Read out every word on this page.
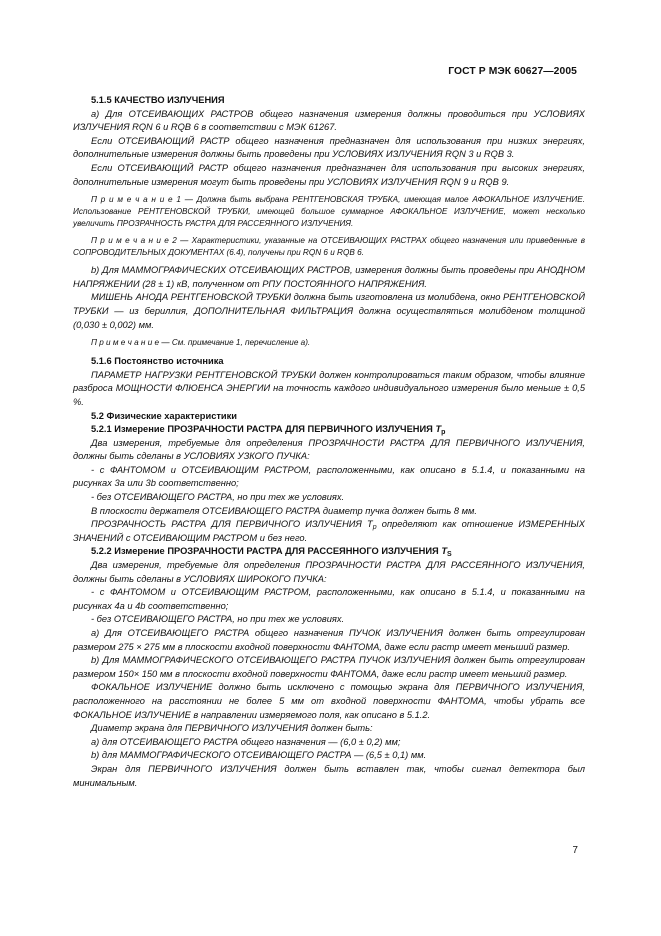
ГОСТ Р МЭК 60627—2005

5.1.5 КАЧЕСТВО ИЗЛУЧЕНИЯ

a) Для ОТСЕИВАЮЩИХ РАСТРОВ общего назначения измерения должны проводиться при УСЛОВИЯХ ИЗЛУЧЕНИЯ RQN 6 и RQB 6 в соответствии с МЭК 61267.

Если ОТСЕИВАЮЩИЙ РАСТР общего назначения предназначен для использования при низких энергиях, дополнительные измерения должны быть проведены при УСЛОВИЯХ ИЗЛУЧЕНИЯ RQN 3 и RQB 3.

Если ОТСЕИВАЮЩИЙ РАСТР общего назначения предназначен для использования при высоких энергиях, дополнительные измерения могут быть проведены при УСЛОВИЯХ ИЗЛУЧЕНИЯ RQN 9 и RQB 9.

П р и м е ч а н и е 1 — Должна быть выбрана РЕНТГЕНОВСКАЯ ТРУБКА, имеющая малое АФОКАЛЬНОЕ ИЗЛУЧЕНИЕ. Использование РЕНТГЕНОВСКОЙ ТРУБКИ, имеющей большое суммарное АФОКАЛЬНОЕ ИЗЛУЧЕНИЕ, может несколько увеличить ПРОЗРАЧНОСТЬ РАСТРА ДЛЯ РАССЕЯННОГО ИЗЛУЧЕНИЯ.

П р и м е ч а н и е 2 — Характеристики, указанные на ОТСЕИВАЮЩИХ РАСТРАХ общего назначения или приведенные в СОПРОВОДИТЕЛЬНЫХ ДОКУМЕНТАХ (6.4), получены при RQN 6 и RQB 6.

b) Для МАММОГРАФИЧЕСКИХ ОТСЕИВАЮЩИХ РАСТРОВ, измерения должны быть проведены при АНОДНОМ НАПРЯЖЕНИИ (28 ± 1) кВ, полученном от РПУ ПОСТОЯННОГО НАПРЯЖЕНИЯ.

МИШЕНЬ АНОДА РЕНТГЕНОВСКОЙ ТРУБКИ должна быть изготовлена из молибдена, окно РЕНТГЕНОВСКОЙ ТРУБКИ — из бериллия, ДОПОЛНИТЕЛЬНАЯ ФИЛЬТРАЦИЯ должна осуществляться молибденом толщиной (0,030 ± 0,002) мм.

П р и м е ч а н и е — См. примечание 1, перечисление а).

5.1.6 Постоянство источника

ПАРАМЕТР НАГРУЗКИ РЕНТГЕНОВСКОЙ ТРУБКИ должен контролироваться таким образом, чтобы влияние разброса МОЩНОСТИ ФЛЮЕНСА ЭНЕРГИИ на точность каждого индивидуального измерения было меньше ± 0,5 %.

5.2 Физические характеристики

5.2.1 Измерение ПРОЗРАЧНОСТИ РАСТРА ДЛЯ ПЕРВИЧНОГО ИЗЛУЧЕНИЯ $T_p$

Два измерения, требуемые для определения ПРОЗРАЧНОСТИ РАСТРА ДЛЯ ПЕРВИЧНОГО ИЗЛУЧЕНИЯ, должны быть сделаны в УСЛОВИЯХ УЗКОГО ПУЧКА:

- с ФАНТОМОМ и ОТСЕИВАЮЩИМ РАСТРОМ, расположенными, как описано в 5.1.4, и показанными на рисунках 3a или 3b соответственно;

- без ОТСЕИВАЮЩЕГО РАСТРА, но при тех же условиях.

В плоскости держателя ОТСЕИВАЮЩЕГО РАСТРА диаметр пучка должен быть 8 мм.

ПРОЗРАЧНОСТЬ РАСТРА ДЛЯ ПЕРВИЧНОГО ИЗЛУЧЕНИЯ $T_p$ определяют как отношение ИЗМЕРЕННЫХ ЗНАЧЕНИЙ с ОТСЕИВАЮЩИМ РАСТРОМ и без него.

5.2.2 Измерение ПРОЗРАЧНОСТИ РАСТРА ДЛЯ РАССЕЯННОГО ИЗЛУЧЕНИЯ $T_S$

Два измерения, требуемые для определения ПРОЗРАЧНОСТИ РАСТРА ДЛЯ РАССЕЯННОГО ИЗЛУЧЕНИЯ, должны быть сделаны в УСЛОВИЯХ ШИРОКОГО ПУЧКА:

- с ФАНТОМОМ и ОТСЕИВАЮЩИМ РАСТРОМ, расположенными, как описано в 5.1.4, и показанными на рисунках 4a и 4b соответственно;

- без ОТСЕИВАЮЩЕГО РАСТРА, но при тех же условиях.

a) Для ОТСЕИВАЮЩЕГО РАСТРА общего назначения ПУЧОК ИЗЛУЧЕНИЯ должен быть отрегулирован размером 275 × 275 мм в плоскости входной поверхности ФАНТОМА, даже если растр имеет меньший размер.

b) Для МАММОГРАФИЧЕСКОГО ОТСЕИВАЮЩЕГО РАСТРА ПУЧОК ИЗЛУЧЕНИЯ должен быть отрегулирован размером 150× 150 мм в плоскости входной поверхности ФАНТОМА, даже если растр имеет меньший размер.

ФОКАЛЬНОЕ ИЗЛУЧЕНИЕ должно быть исключено с помощью экрана для ПЕРВИЧНОГО ИЗЛУЧЕНИЯ, расположенного на расстоянии не более 5 мм от входной поверхности ФАНТОМА, чтобы убрать все ФОКАЛЬНОЕ ИЗЛУЧЕНИЕ в направлении измеряемого поля, как описано в 5.1.2.

Диаметр экрана для ПЕРВИЧНОГО ИЗЛУЧЕНИЯ должен быть:

a) для ОТСЕИВАЮЩЕГО РАСТРА общего назначения — (6,0 ± 0,2) мм;

b) для МАММОГРАФИЧЕСКОГО ОТСЕИВАЮЩЕГО РАСТРА — (6,5 ± 0,1) мм.

Экран для ПЕРВИЧНОГО ИЗЛУЧЕНИЯ должен быть вставлен так, чтобы сигнал детектора был минимальным.

7
